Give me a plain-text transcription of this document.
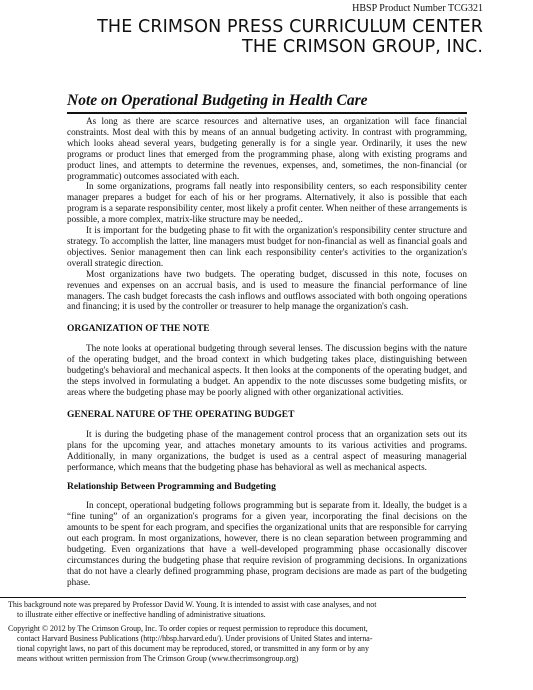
HBSP Product Number TCG321
THE CRIMSON PRESS CURRICULUM CENTER
THE CRIMSON GROUP, INC.
Note on Operational Budgeting in Health Care

As long as there are scarce resources and alternative uses, an organization will face financial constraints. Most deal with this by means of an annual budgeting activity. In contrast with programming, which looks ahead several years, budgeting generally is for a single year. Ordinarily, it uses the new programs or product lines that emerged from the programming phase, along with existing programs and product lines, and attempts to determine the revenues, expenses, and, sometimes, the non-financial (or programmatic) outcomes associated with each.

In some organizations, programs fall neatly into responsibility centers, so each responsibility center manager prepares a budget for each of his or her programs. Alternatively, it also is possible that each program is a separate responsibility center, most likely a profit center. When neither of these arrangements is possible, a more complex, matrix-like structure may be needed,.

It is important for the budgeting phase to fit with the organization's responsibility center structure and strategy. To accomplish the latter, line managers must budget for non-financial as well as financial goals and objectives. Senior management then can link each responsibility center's activities to the organization's overall strategic direction.

Most organizations have two budgets. The operating budget, discussed in this note, focuses on revenues and expenses on an accrual basis, and is used to measure the financial performance of line managers. The cash budget forecasts the cash inflows and outflows associated with both ongoing operations and financing; it is used by the controller or treasurer to help manage the organization's cash.

ORGANIZATION OF THE NOTE

The note looks at operational budgeting through several lenses. The discussion begins with the nature of the operating budget, and the broad context in which budgeting takes place, distinguishing between budgeting's behavioral and mechanical aspects. It then looks at the components of the operating budget, and the steps involved in formulating a budget. An appendix to the note discusses some budgeting misfits, or areas where the budgeting phase may be poorly aligned with other organizational activities.

GENERAL NATURE OF THE OPERATING BUDGET

It is during the budgeting phase of the management control process that an organization sets out its plans for the upcoming year, and attaches monetary amounts to its various activities and programs. Additionally, in many organizations, the budget is used as a central aspect of measuring managerial performance, which means that the budgeting phase has behavioral as well as mechanical aspects.

Relationship Between Programming and Budgeting

In concept, operational budgeting follows programming but is separate from it. Ideally, the budget is a “fine tuning” of an organization's programs for a given year, incorporating the final decisions on the amounts to be spent for each program, and specifies the organizational units that are responsible for carrying out each program. In most organizations, however, there is no clean separation between programming and budgeting. Even organizations that have a well-developed programming phase occasionally discover circumstances during the budgeting phase that require revision of programming decisions. In organizations that do not have a clearly defined programming phase, program decisions are made as part of the budgeting phase.

This background note was prepared by Professor David W. Young. It is intended to assist with case analyses, and not
to illustrate either effective or ineffective handling of administrative situations.
Copyright © 2012 by The Crimson Group, Inc. To order copies or request permission to reproduce this document,
contact Harvard Business Publications (http://hbsp.harvard.edu/). Under provisions of United States and interna-
tional copyright laws, no part of this document may be reproduced, stored, or transmitted in any form or by any
means without written permission from The Crimson Group (www.thecrimsongroup.org)
